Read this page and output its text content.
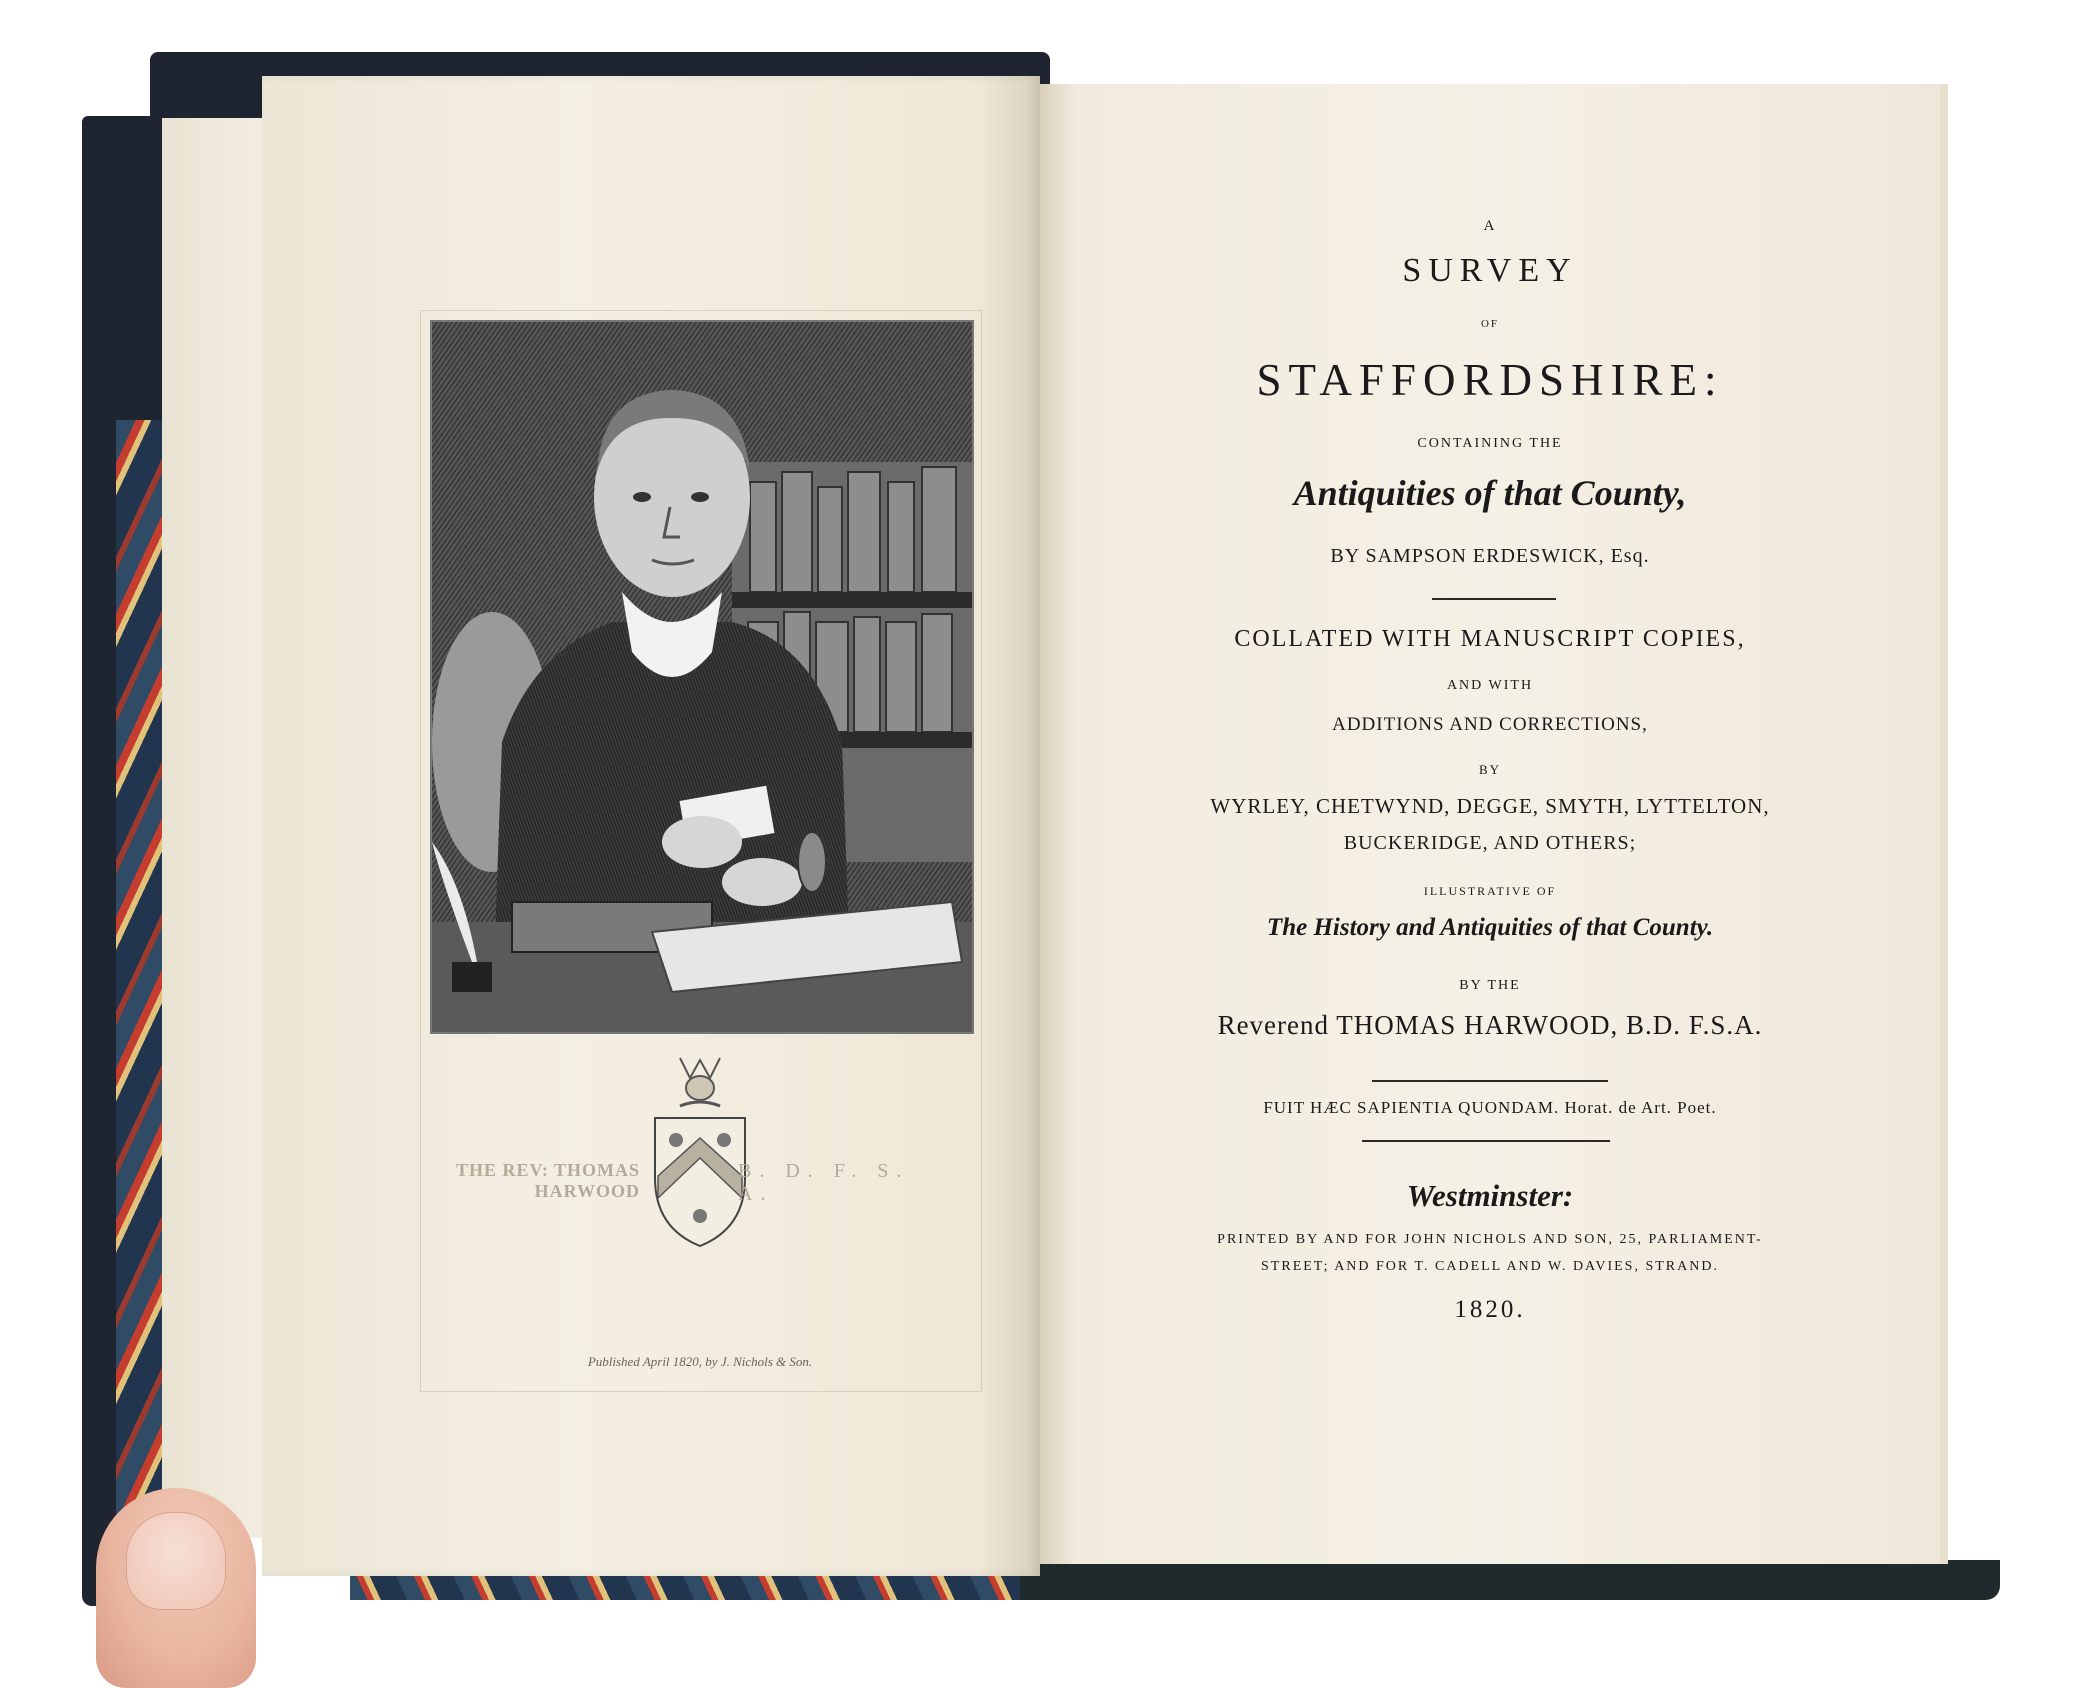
THE REV: THOMAS HARWOOD
B. D. F. S. A.
Published April 1820, by J. Nichols & Son.
A
SURVEY
OF
STAFFORDSHIRE:
CONTAINING THE
Antiquities of that County,
BY SAMPSON ERDESWICK, Esq.
COLLATED WITH MANUSCRIPT COPIES,
AND WITH
ADDITIONS AND CORRECTIONS,
BY
WYRLEY, CHETWYND, DEGGE, SMYTH, LYTTELTON,
BUCKERIDGE, AND OTHERS;
ILLUSTRATIVE OF
The History and Antiquities of that County.
BY THE
Reverend THOMAS HARWOOD, B.D. F.S.A.
FUIT HÆC SAPIENTIA QUONDAM. Horat. de Art. Poet.
Westminster:
PRINTED BY AND FOR JOHN NICHOLS AND SON, 25, PARLIAMENT-
STREET; AND FOR T. CADELL AND W. DAVIES, STRAND.
1820.
